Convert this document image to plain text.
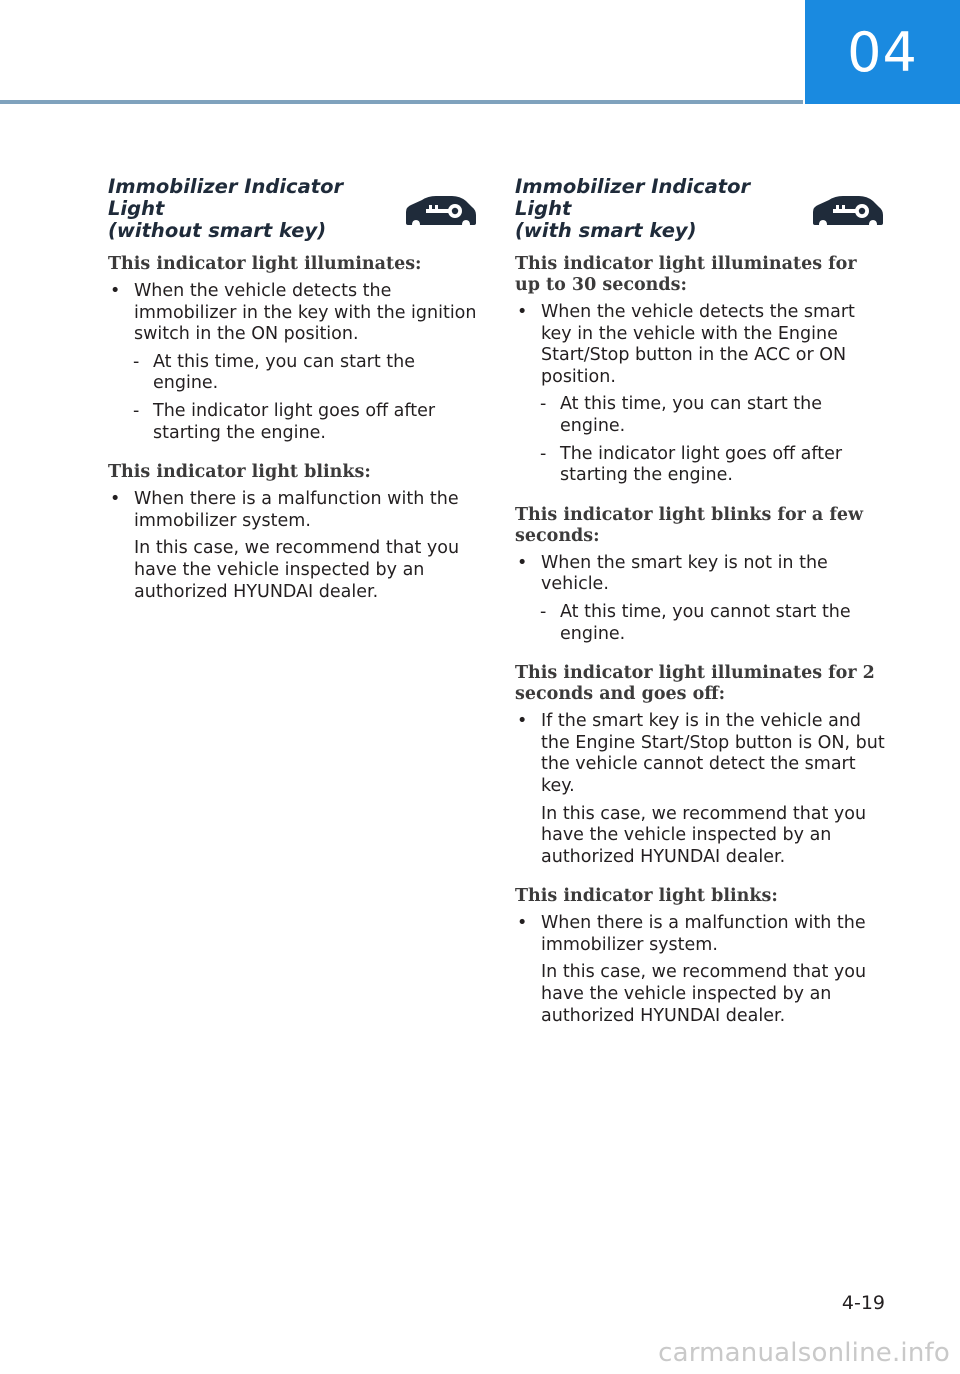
04
Immobilizer Indicator Light
(without smart key)

This indicator light illuminates:

• When the vehicle detects the immobilizer in the key with the ignition switch in the ON position.
- At this time, you can start the engine.
- The indicator light goes off after starting the engine.

This indicator light blinks:

• When there is a malfunction with the immobilizer system.

In this case, we recommend that you have the vehicle inspected by an authorized HYUNDAI dealer.

Immobilizer Indicator Light
(with smart key)

This indicator light illuminates for up to 30 seconds:

• When the vehicle detects the smart key in the vehicle with the Engine Start/Stop button in the ACC or ON position.
- At this time, you can start the engine.
- The indicator light goes off after starting the engine.

This indicator light blinks for a few seconds:

• When the smart key is not in the vehicle.
- At this time, you cannot start the engine.

This indicator light illuminates for 2 seconds and goes off:

• If the smart key is in the vehicle and the Engine Start/Stop button is ON, but the vehicle cannot detect the smart key.

In this case, we recommend that you have the vehicle inspected by an authorized HYUNDAI dealer.

This indicator light blinks:

• When there is a malfunction with the immobilizer system.

In this case, we recommend that you have the vehicle inspected by an authorized HYUNDAI dealer.

4-19
carmanualsonline.info
